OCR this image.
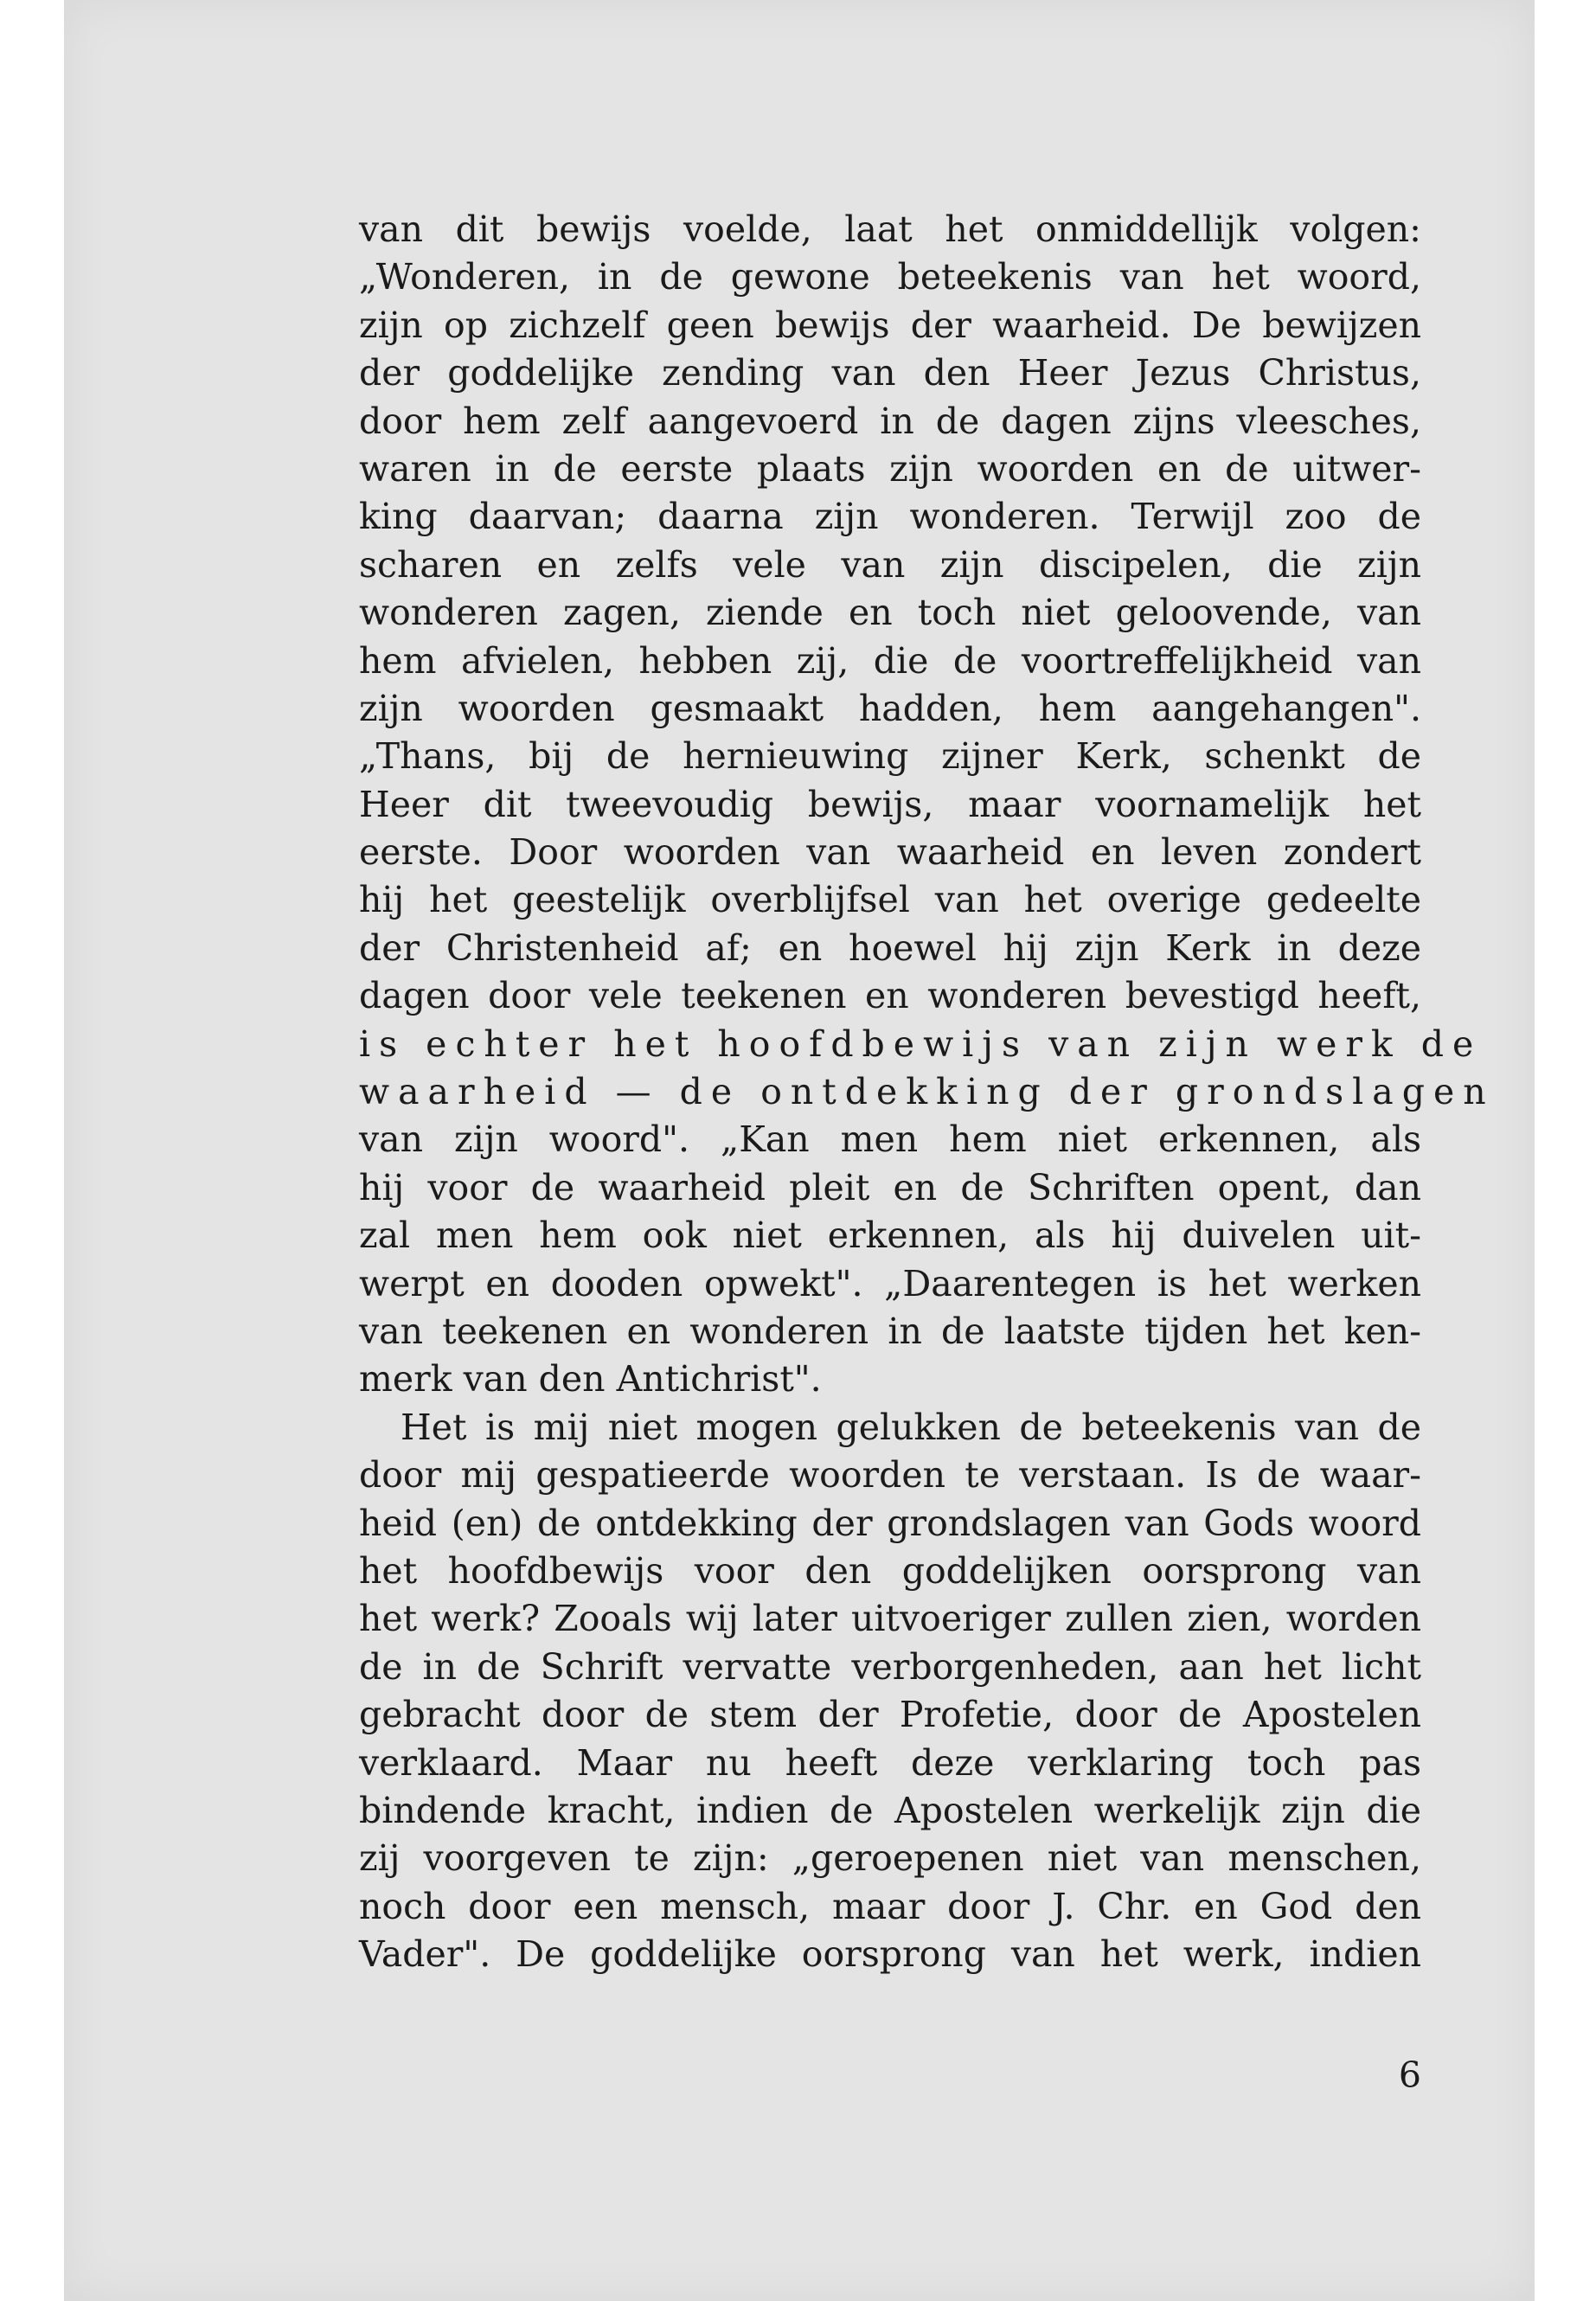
van dit bewijs voelde, laat het onmiddellijk volgen:
„Wonderen, in de gewone beteekenis van het woord,
zijn op zichzelf geen bewijs der waarheid. De bewijzen
der goddelijke zending van den Heer Jezus Christus,
door hem zelf aangevoerd in de dagen zijns vleesches,
waren in de eerste plaats zijn woorden en de uitwer-
king daarvan; daarna zijn wonderen. Terwijl zoo de
scharen en zelfs vele van zijn discipelen, die zijn
wonderen zagen, ziende en toch niet geloovende, van
hem afvielen, hebben zij, die de voortreffelijkheid van
zijn woorden gesmaakt hadden, hem aangehangen".
„Thans, bij de hernieuwing zijner Kerk, schenkt de
Heer dit tweevoudig bewijs, maar voornamelijk het
eerste. Door woorden van waarheid en leven zondert
hij het geestelijk overblijfsel van het overige gedeelte
der Christenheid af; en hoewel hij zijn Kerk in deze
dagen door vele teekenen en wonderen bevestigd heeft,
is echter het hoofdbewijs van zijn werk de
waarheid — de ontdekking der grondslagen
van zijn woord". „Kan men hem niet erkennen, als
hij voor de waarheid pleit en de Schriften opent, dan
zal men hem ook niet erkennen, als hij duivelen uit-
werpt en dooden opwekt". „Daarentegen is het werken
van teekenen en wonderen in de laatste tijden het ken-
merk van den Antichrist".
Het is mij niet mogen gelukken de beteekenis van de
door mij gespatieerde woorden te verstaan. Is de waar-
heid (en) de ontdekking der grondslagen van Gods woord
het hoofdbewijs voor den goddelijken oorsprong van
het werk? Zooals wij later uitvoeriger zullen zien, worden
de in de Schrift vervatte verborgenheden, aan het licht
gebracht door de stem der Profetie, door de Apostelen
verklaard. Maar nu heeft deze verklaring toch pas
bindende kracht, indien de Apostelen werkelijk zijn die
zij voorgeven te zijn: „geroepenen niet van menschen,
noch door een mensch, maar door J. Chr. en God den
Vader". De goddelijke oorsprong van het werk, indien
6
